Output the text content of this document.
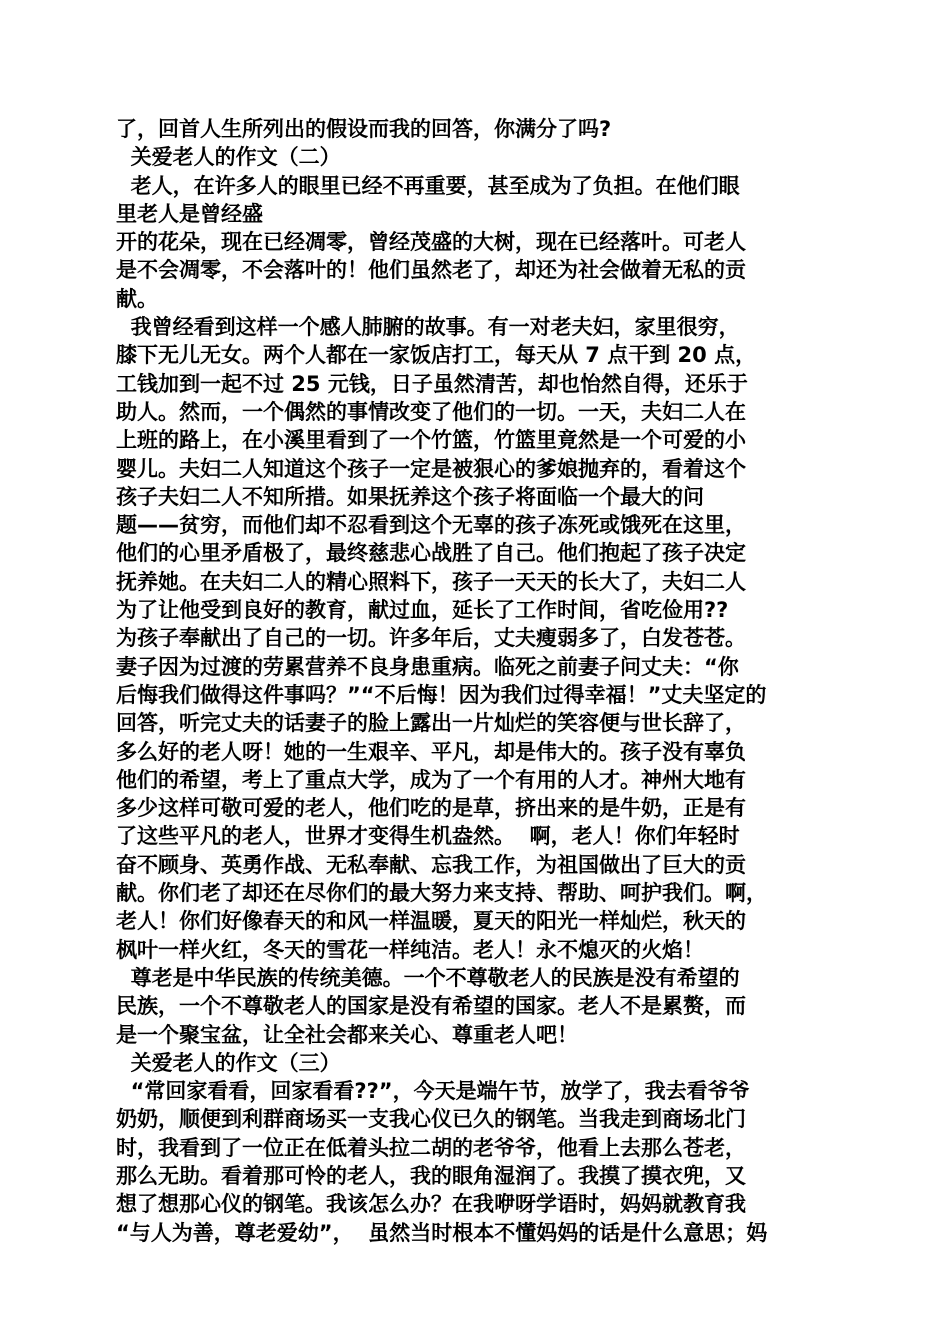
了，回首人生所列出的假设而我的回答，你满分了吗?
关爱老人的作文（二）
老人，在许多人的眼里已经不再重要，甚至成为了负担。在他们眼
里老人是曾经盛
开的花朵，现在已经凋零，曾经茂盛的大树，现在已经落叶。可老人
是不会凋零，不会落叶的！他们虽然老了，却还为社会做着无私的贡
献。
我曾经看到这样一个感人肺腑的故事。有一对老夫妇，家里很穷，
膝下无儿无女。两个人都在一家饭店打工，每天从 7 点干到 20 点，
工钱加到一起不过 25 元钱，日子虽然清苦，却也怡然自得，还乐于
助人。然而，一个偶然的事情改变了他们的一切。一天，夫妇二人在
上班的路上，在小溪里看到了一个竹篮，竹篮里竟然是一个可爱的小
婴儿。夫妇二人知道这个孩子一定是被狠心的爹娘抛弃的，看着这个
孩子夫妇二人不知所措。如果抚养这个孩子将面临一个最大的问
题——贫穷，而他们却不忍看到这个无辜的孩子冻死或饿死在这里，
他们的心里矛盾极了，最终慈悲心战胜了自己。他们抱起了孩子决定
抚养她。在夫妇二人的精心照料下，孩子一天天的长大了，夫妇二人
为了让他受到良好的教育，献过血，延长了工作时间，省吃俭用??
为孩子奉献出了自己的一切。许多年后，丈夫瘦弱多了，白发苍苍。
妻子因为过渡的劳累营养不良身患重病。临死之前妻子问丈夫：“你
后悔我们做得这件事吗？”“不后悔！因为我们过得幸福！”丈夫坚定的
回答，听完丈夫的话妻子的脸上露出一片灿烂的笑容便与世长辞了，
多么好的老人呀！她的一生艰辛、平凡，却是伟大的。孩子没有辜负
他们的希望，考上了重点大学，成为了一个有用的人才。神州大地有
多少这样可敬可爱的老人，他们吃的是草，挤出来的是牛奶，正是有
了这些平凡的老人，世界才变得生机盎然。  啊，老人！你们年轻时
奋不顾身、英勇作战、无私奉献、忘我工作，为祖国做出了巨大的贡
献。你们老了却还在尽你们的最大努力来支持、帮助、呵护我们。啊，
老人！你们好像春天的和风一样温暖，夏天的阳光一样灿烂，秋天的
枫叶一样火红，冬天的雪花一样纯洁。老人！永不熄灭的火焰！
尊老是中华民族的传统美德。一个不尊敬老人的民族是没有希望的
民族，一个不尊敬老人的国家是没有希望的国家。老人不是累赘，而
是一个聚宝盆，让全社会都来关心、尊重老人吧！
关爱老人的作文（三）
“常回家看看，回家看看??”，今天是端午节，放学了，我去看爷爷
奶奶，顺便到利群商场买一支我心仪已久的钢笔。当我走到商场北门
时，我看到了一位正在低着头拉二胡的老爷爷，他看上去那么苍老，
那么无助。看着那可怜的老人，我的眼角湿润了。我摸了摸衣兜，又
想了想那心仪的钢笔。我该怎么办？在我咿呀学语时，妈妈就教育我
“与人为善，尊老爱幼”，  虽然当时根本不懂妈妈的话是什么意思；妈
